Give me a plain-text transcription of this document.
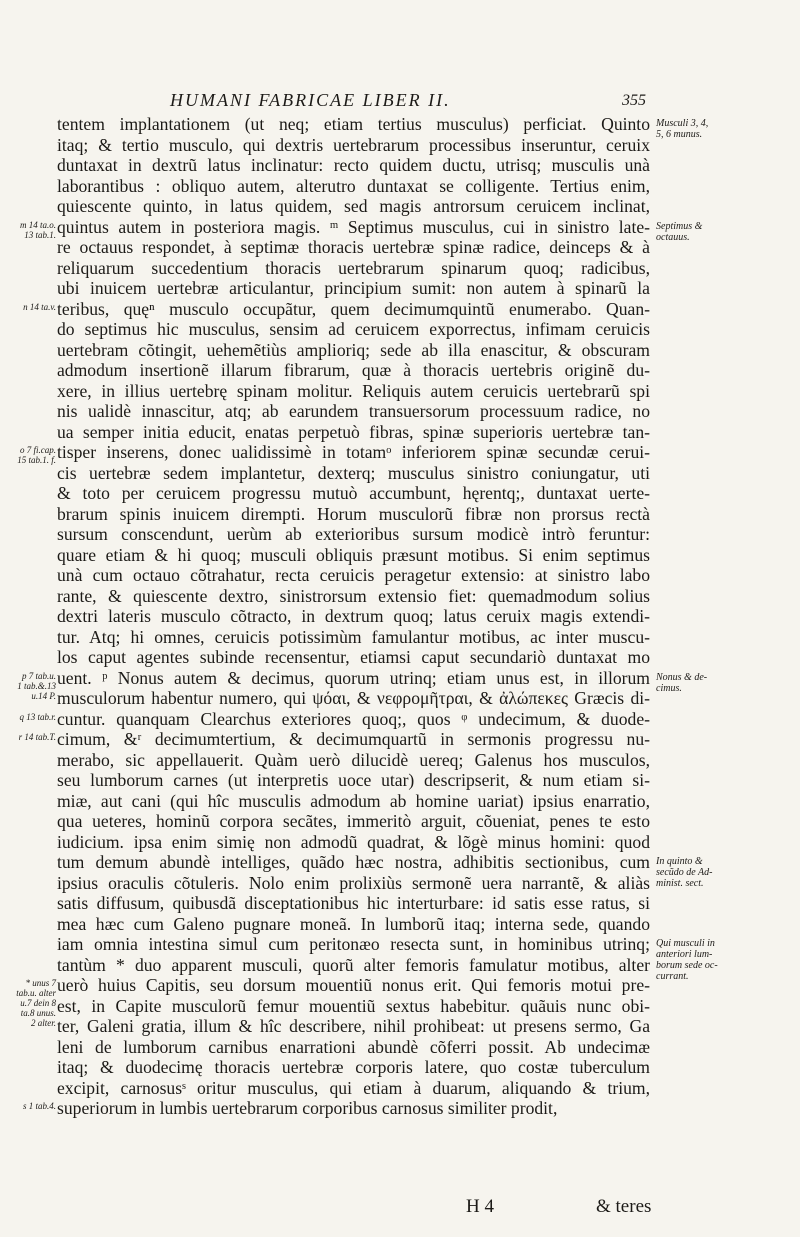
HUMANI FABRICAE LIBER II.	355
tentem implantationem (ut neq; etiam tertius musculus) perficiat. Quinto
itaq; & tertio musculo, qui dextris uertebrarum processibus inseruntur, ceruix
duntaxat in dextrũ latus inclinatur: recto quidem ductu, utrisq; musculis unà
laborantibus : obliquo autem, alterutro duntaxat se colligente. Tertius enim,
quiescente quinto, in latus quidem, sed magis antrorsum ceruicem inclinat,
quintus autem in posteriora magis. ᵐ Septimus musculus, cui in sinistro late-
re octauus respondet, à septimæ thoracis uertebræ spinæ radice, deinceps & à
reliquarum succedentium thoracis uertebrarum spinarum quoq; radicibus,
ubi inuicem uertebræ articulantur, principium sumit: non autem à spinarũ la
teribus, quęⁿ musculo occupãtur, quem decimumquintũ enumerabo. Quan-
do septimus hic musculus, sensim ad ceruicem exporrectus, infimam ceruicis
uertebram cõtingit, uehemẽtiùs amplioriq; sede ab illa enascitur, & obscuram
admodum insertionẽ illarum fibrarum, quæ à thoracis uertebris originẽ du-
xere, in illius uertebrę spinam molitur. Reliquis autem ceruicis uertebrarũ spi
nis ualidè innascitur, atq; ab earundem transuersorum processuum radice, no
ua semper initia educit, enatas perpetuò fibras, spinæ superioris uertebræ tan-
tisper inserens, donec ualidissimè in totamᵒ inferiorem spinæ secundæ cerui-
cis uertebræ sedem implantetur, dexterq; musculus sinistro coniungatur, uti
& toto per ceruicem progressu mutuò accumbunt, hęrentq;, duntaxat uerte-
brarum spinis inuicem dirempti. Horum musculorũ fibræ non prorsus rectà
sursum conscendunt, uerùm ab exterioribus sursum modicè intrò feruntur:
quare etiam & hi quoq; musculi obliquis præsunt motibus. Si enim septimus
unà cum octauo cõtrahatur, recta ceruicis peragetur extensio: at sinistro labo
rante, & quiescente dextro, sinistrorsum extensio fiet: quemadmodum solius
dextri lateris musculo cõtracto, in dextrum quoq; latus ceruix magis extendi-
tur. Atq; hi omnes, ceruicis potissimùm famulantur motibus, ac inter muscu-
los caput agentes subinde recensentur, etiamsi caput secundariò duntaxat mo
uent. ᵖ Nonus autem & decimus, quorum utrinq; etiam unus est, in illorum
musculorum habentur numero, qui ψόαι, & νεφρομῆτραι, & ἀλώπεκες Græcis di-
cuntur. quanquam Clearchus exteriores quoq;, quos ᵠ undecimum, & duode-
cimum, &ʳ decimumtertium, & decimumquartũ in sermonis progressu nu-
merabo, sic appellauerit. Quàm uerò dilucidè uereq; Galenus hos musculos,
seu lumborum carnes (ut interpretis uoce utar) descripserit, & num etiam si-
miæ, aut cani (qui hîc musculis admodum ab homine uariat) ipsius enarratio,
qua ueteres, hominũ corpora secãtes, immeritò arguit, cõueniat, penes te esto
iudicium. ipsa enim simię non admodũ quadrat, & lõgè minus homini: quod
tum demum abundè intelliges, quãdo hæc nostra, adhibitis sectionibus, cum
ipsius oraculis cõtuleris. Nolo enim prolixiùs sermonẽ uera narrantẽ, & aliàs
satis diffusum, quibusdã disceptationibus hic interturbare: id satis esse ratus, si
mea hæc cum Galeno pugnare moneã. In lumborũ itaq; interna sede, quando
iam omnia intestina simul cum peritonæo resecta sunt, in hominibus utrinq;
tantùm * duo apparent musculi, quorũ alter femoris famulatur motibus, alter
uerò huius Capitis, seu dorsum mouentiũ nonus erit. Qui femoris motui pre-
est, in Capite musculorũ femur mouentiũ sextus habebitur. quãuis nunc obi-
ter, Galeni gratia, illum & hîc describere, nihil prohibeat: ut presens sermo, Ga
leni de lumborum carnibus enarrationi abundè cõferri possit. Ab undecimæ
itaq; & duodecimę thoracis uertebræ corporis latere, quo costæ tuberculum
excipit, carnosusˢ oritur musculus, qui etiam à duarum, aliquando & trium,
superiorum in lumbis uertebrarum corporibus carnosus similiter prodit,
m 14 ta.o.
13 tab.1.
n 14 ta.v.
o 7 fi.cap.
15 tab.1. f.
p 7 tab.u.
1 tab.&.13
u.14 P.
q 13 tab.r.
r 14 tab.T.
* unus 7
tab.u. alter
u.7 dein 8
ta.8 unus.
2 alter.
s 1 tab.4.
Musculi 3, 4,
5, 6 munus.
Septimus &
octauus.
Nonus & de-
cimus.
In quinto &
secũdo de Ad-
minist. sect.
Qui musculi in
anteriori lum-
borum sede oc-
currant.
H 4	& teres
